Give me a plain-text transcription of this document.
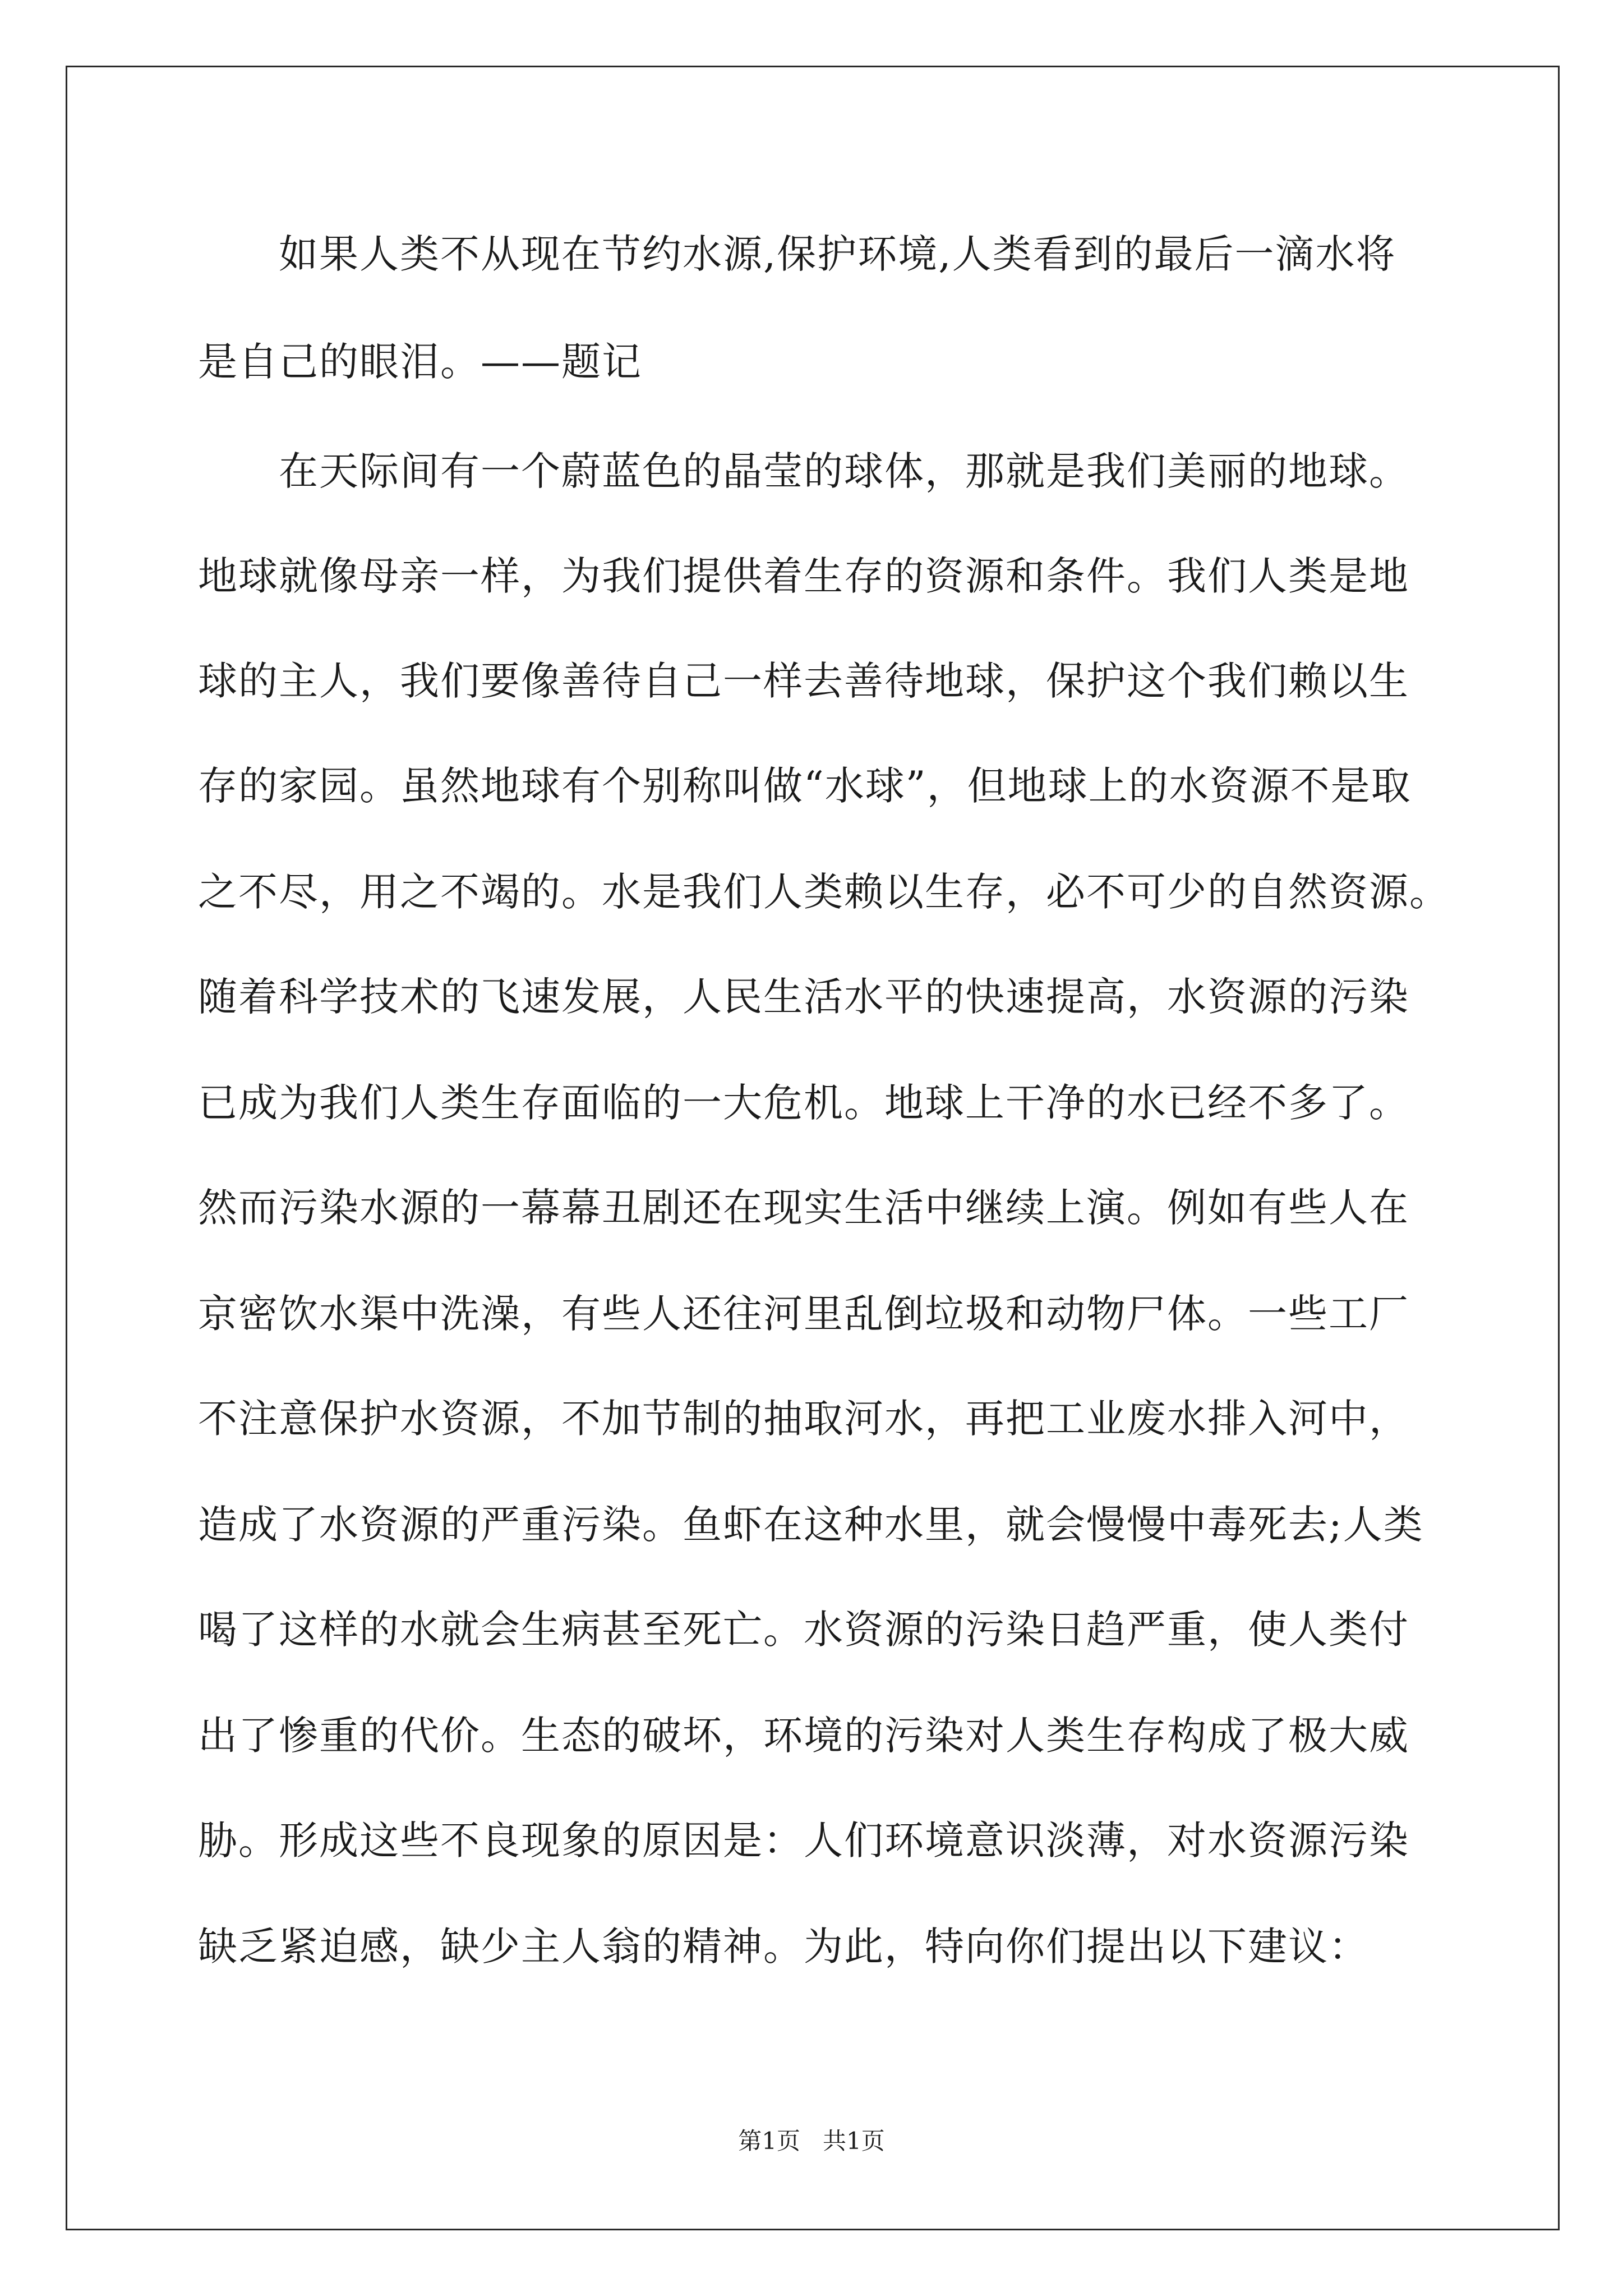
如果人类不从现在节约水源,保护环境,人类看到的最后一滴水将
是自己的眼泪。——题记
在天际间有一个蔚蓝色的晶莹的球体，那就是我们美丽的地球。
地球就像母亲一样，为我们提供着生存的资源和条件。我们人类是地
球的主人，我们要像善待自己一样去善待地球，保护这个我们赖以生
存的家园。虽然地球有个别称叫做“水球”，但地球上的水资源不是取
之不尽，用之不竭的。水是我们人类赖以生存，必不可少的自然资源。
随着科学技术的飞速发展，人民生活水平的快速提高，水资源的污染
已成为我们人类生存面临的一大危机。地球上干净的水已经不多了。
然而污染水源的一幕幕丑剧还在现实生活中继续上演。例如有些人在
京密饮水渠中洗澡，有些人还往河里乱倒垃圾和动物尸体。一些工厂
不注意保护水资源，不加节制的抽取河水，再把工业废水排入河中，
造成了水资源的严重污染。鱼虾在这种水里，就会慢慢中毒死去;人类
喝了这样的水就会生病甚至死亡。水资源的污染日趋严重，使人类付
出了惨重的代价。生态的破坏，环境的污染对人类生存构成了极大威
胁。形成这些不良现象的原因是：人们环境意识淡薄，对水资源污染
缺乏紧迫感，缺少主人翁的精神。为此，特向你们提出以下建议：
第1页   共1页
